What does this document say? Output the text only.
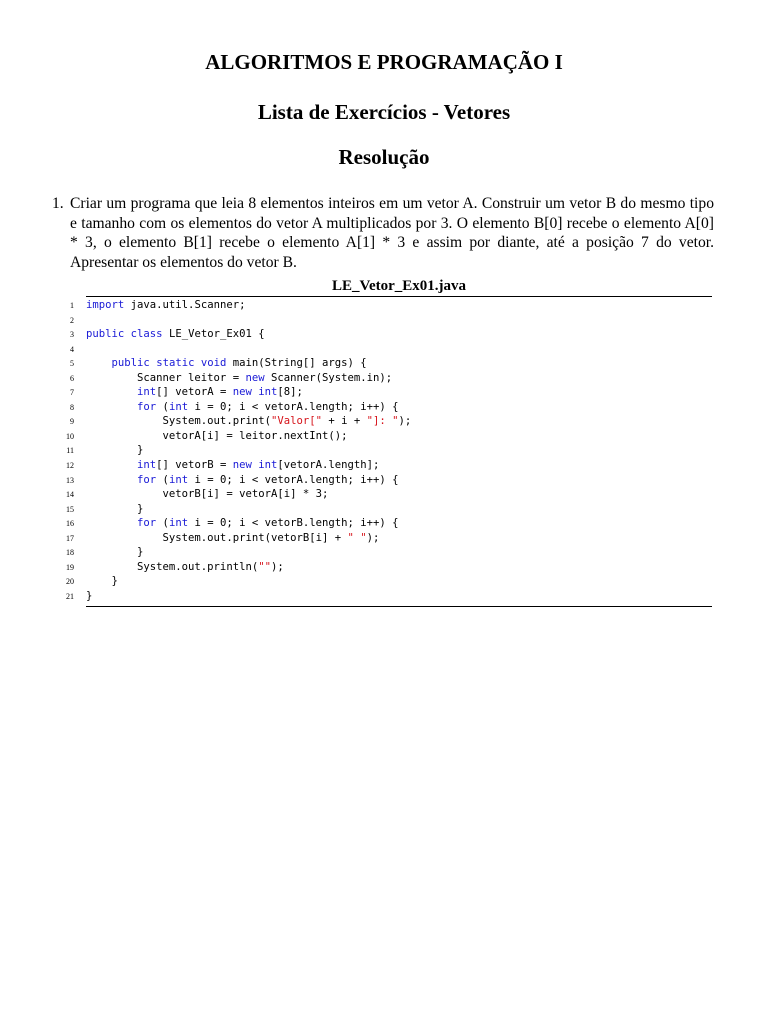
ALGORITMOS E PROGRAMAÇÃO I
Lista de Exercícios - Vetores
Resolução
1. Criar um programa que leia 8 elementos inteiros em um vetor A. Construir um vetor B do mesmo tipo e tamanho com os elementos do vetor A multiplicados por 3. O elemento B[0] recebe o elemento A[0] * 3, o elemento B[1] recebe o elemento A[1] * 3 e assim por diante, até a posição 7 do vetor. Apresentar os elementos do vetor B.
LE_Vetor_Ex01.java
1 import java.util.Scanner;
2
3 public class LE_Vetor_Ex01 {
4
5	public static void main(String[] args) {
6 Scanner leitor = new Scanner(System.in);
7	int[] vetorA = new int[8];
8	for (int i = 0; i < vetorA.length; i++) {
9 System.out.print("Valor[" + i + "]: ");
10 vetorA[i] = leitor.nextInt();
11 }
12	int[] vetorB = new int[vetorA.length];
13	for (int i = 0; i < vetorA.length; i++) {
14 vetorB[i] = vetorA[i] * 3;
15 }
16	for (int i = 0; i < vetorB.length; i++) {
17 System.out.print(vetorB[i] + " ");
18 }
19 System.out.println("");
20 }
21 }
